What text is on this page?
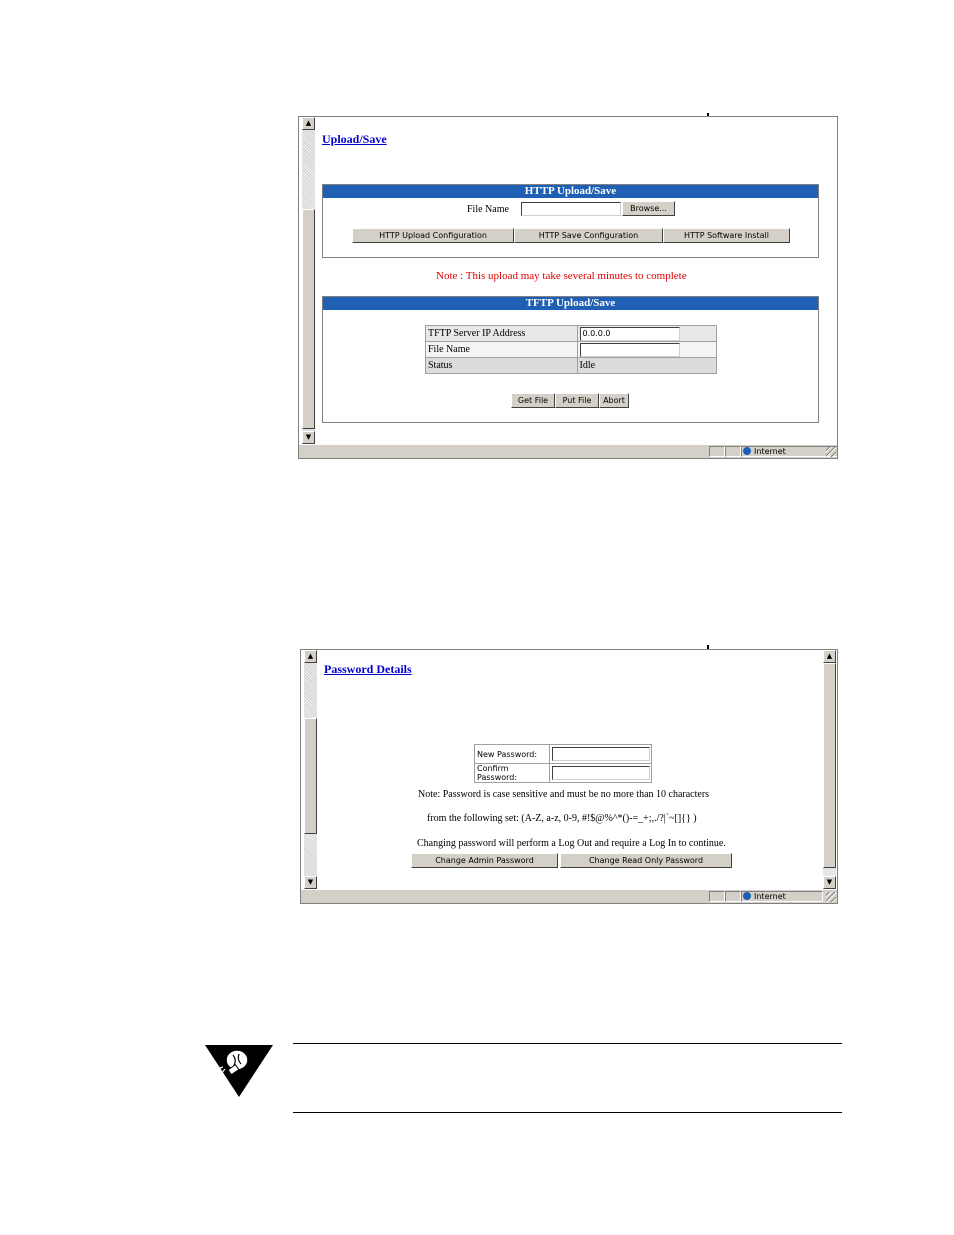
▲
▼
Upload/Save
HTTP Upload/Save
File Name	Browse...
HTTP Upload Configuration	HTTP Save Configuration	HTTP Software Install
Note : This upload may take several minutes to complete
TFTP Upload/Save
TFTP Server IP Address	0.0.0.0

File Name	

Status	Idle
Get File	Put File	Abort
Internet
▲
▼
▲
▼
Password Details
New Password:	

Confirm Password:	
Note: Password is case sensitive and must be no more than 10 characters
from the following set: (A-Z, a-z, 0-9, #!$@%^*()-=_+;,./?|`~[]{} )
Changing password will perform a Log Out and require a Log In to continue.
Change Admin Password	Change Read Only Password
Internet
